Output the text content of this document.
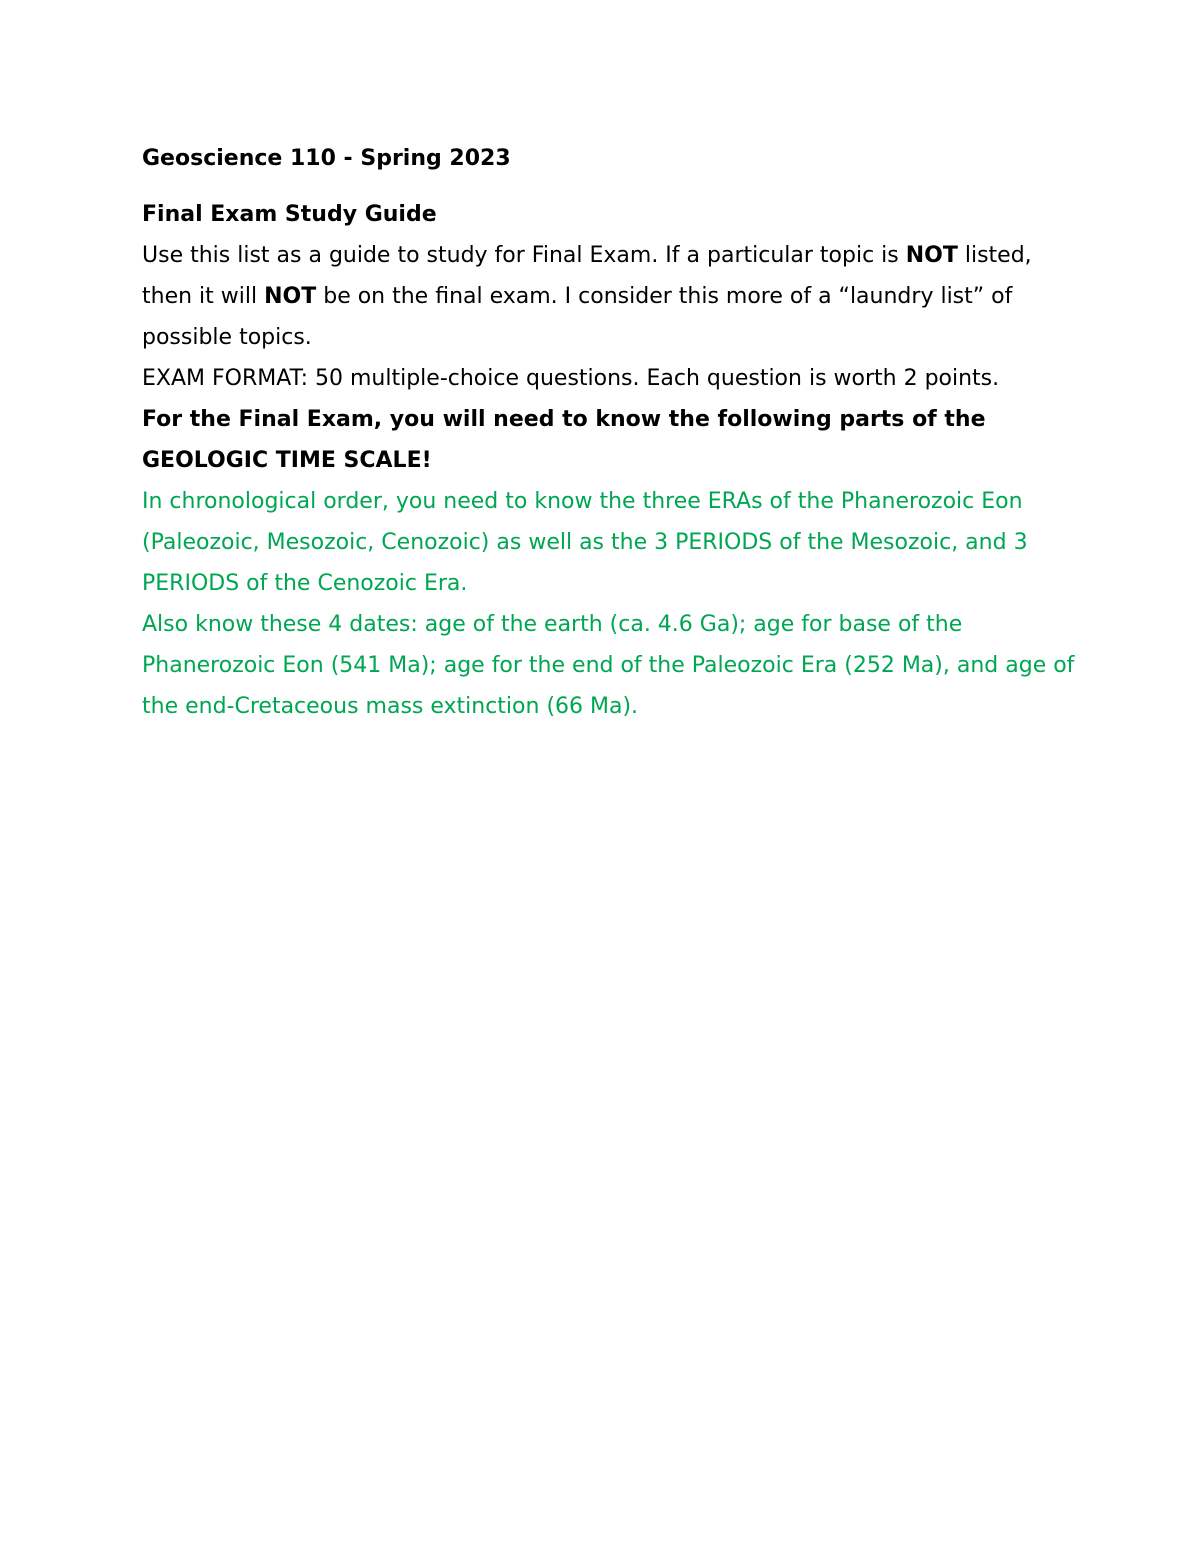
Geoscience 110 - Spring 2023

Final Exam Study Guide

Use this list as a guide to study for Final Exam. If a particular topic is NOT listed, then it will NOT be on the final exam. I consider this more of a “laundry list” of possible topics.

EXAM FORMAT: 50 multiple-choice questions. Each question is worth 2 points.

For the Final Exam, you will need to know the following parts of the GEOLOGIC TIME SCALE!

In chronological order, you need to know the three ERAs of the Phanerozoic Eon (Paleozoic, Mesozoic, Cenozoic) as well as the 3 PERIODS of the Mesozoic, and 3 PERIODS of the Cenozoic Era.

Also know these 4 dates: age of the earth (ca. 4.6 Ga); age for base of the Phanerozoic Eon (541 Ma); age for the end of the Paleozoic Era (252 Ma), and age of the end-Cretaceous mass extinction (66 Ma).
